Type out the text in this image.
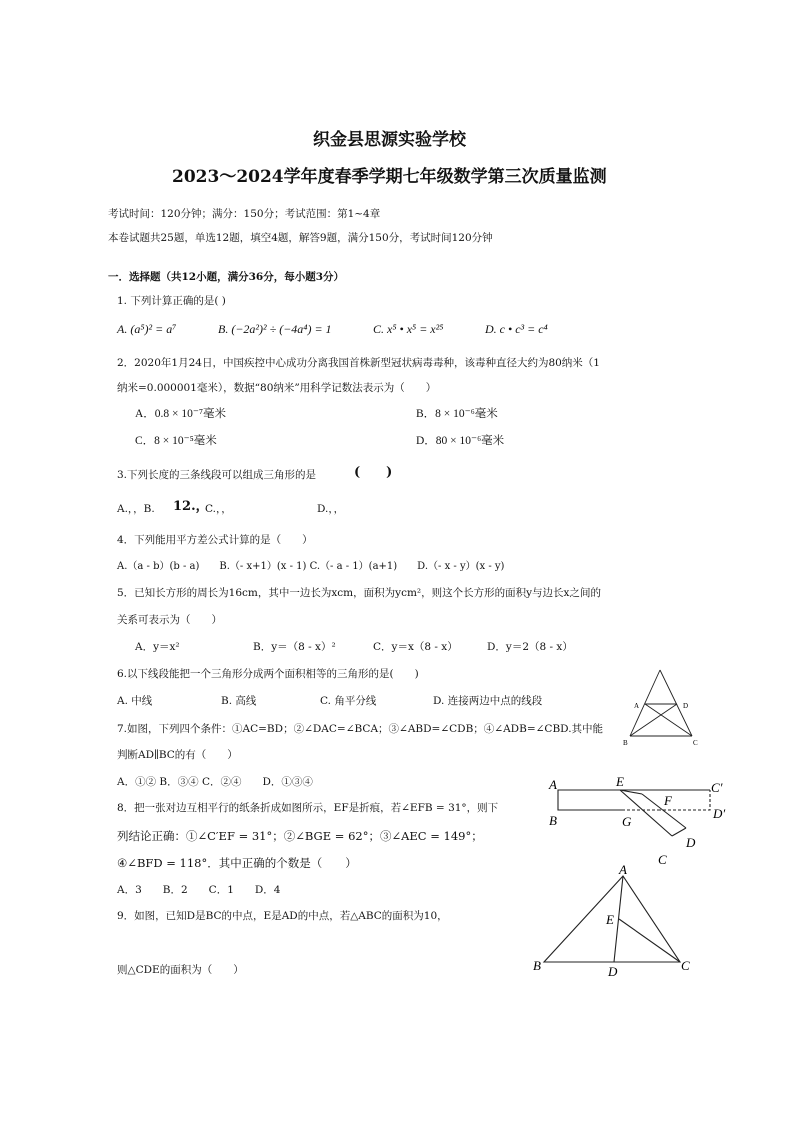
织金县思源实验学校
2023～2024学年度春季学期七年级数学第三次质量监测
考试时间：120分钟；满分：150分；考试范围：第1~4章
本卷试题共25题，单选12题，填空4题，解答9题，满分150分，考试时间120分钟
一．选择题（共12小题，满分36分，每小题3分）
1. 下列计算正确的是( )
A. (a⁵)² = a⁷	B. (−2a²)² ÷ (−4a⁴) = 1	C. x⁵ • x⁵ = x²⁵	D. c • c³ = c⁴
2．2020年1月24日，中国疾控中心成功分离我国首株新型冠状病毒毒种，该毒种直径大约为80纳米（1
纳米=0.000001毫米），数据“80纳米”用科学记数法表示为（　　）
A．0.8 × 10⁻⁷毫米	B．8 × 10⁻⁶毫米
C．8 × 10⁻⁵毫米	D．80 × 10⁻⁶毫米
3.下列长度的三条线段可以组成三角形的是	(　　)
A.，，B. 12.，
C.，，	D.，，
4．下列能用平方差公式计算的是（　　）
A.（a - b）(b - a)　　B.（- x+1）(x - 1) C.（- a - 1）(a+1)　　D.（- x - y）(x - y)
5．已知长方形的周长为16cm，其中一边长为xcm，面积为ycm²，则这个长方形的面积y与边长x之间的
关系可表示为（　　）
A．y＝x²	B．y＝（8 - x）²	C．y＝x（8 - x）	D．y＝2（8 - x）
6.以下线段能把一个三角形分成两个面积相等的三角形的是(　　)
A. 中线	B. 高线	C. 角平分线	D. 连接两边中点的线段
7.如图，下列四个条件：①AC=BD；②∠DAC=∠BCA；③∠ABD=∠CDB；④∠ADB=∠CBD.其中能
判断AD∥BC的有（　　）
A．①② B．③④ C．②④　　D．①③④
A	D
B	C
8．把一张对边互相平行的纸条折成如图所示，EF是折痕，若∠EFB = 31°，则下
列结论正确：①∠C′EF = 31°；②∠BGE = 62°；③∠AEC = 149°；
④∠BFD = 118°．其中正确的个数是（　　）
A．3　　B．2　　C．1　　D．4
A
B
E
F
G
C′
D′
D
C
9．如图，已知D是BC的中点，E是AD的中点，若△ABC的面积为10，
则△CDE的面积为（　　）
A
B	C
D
E
